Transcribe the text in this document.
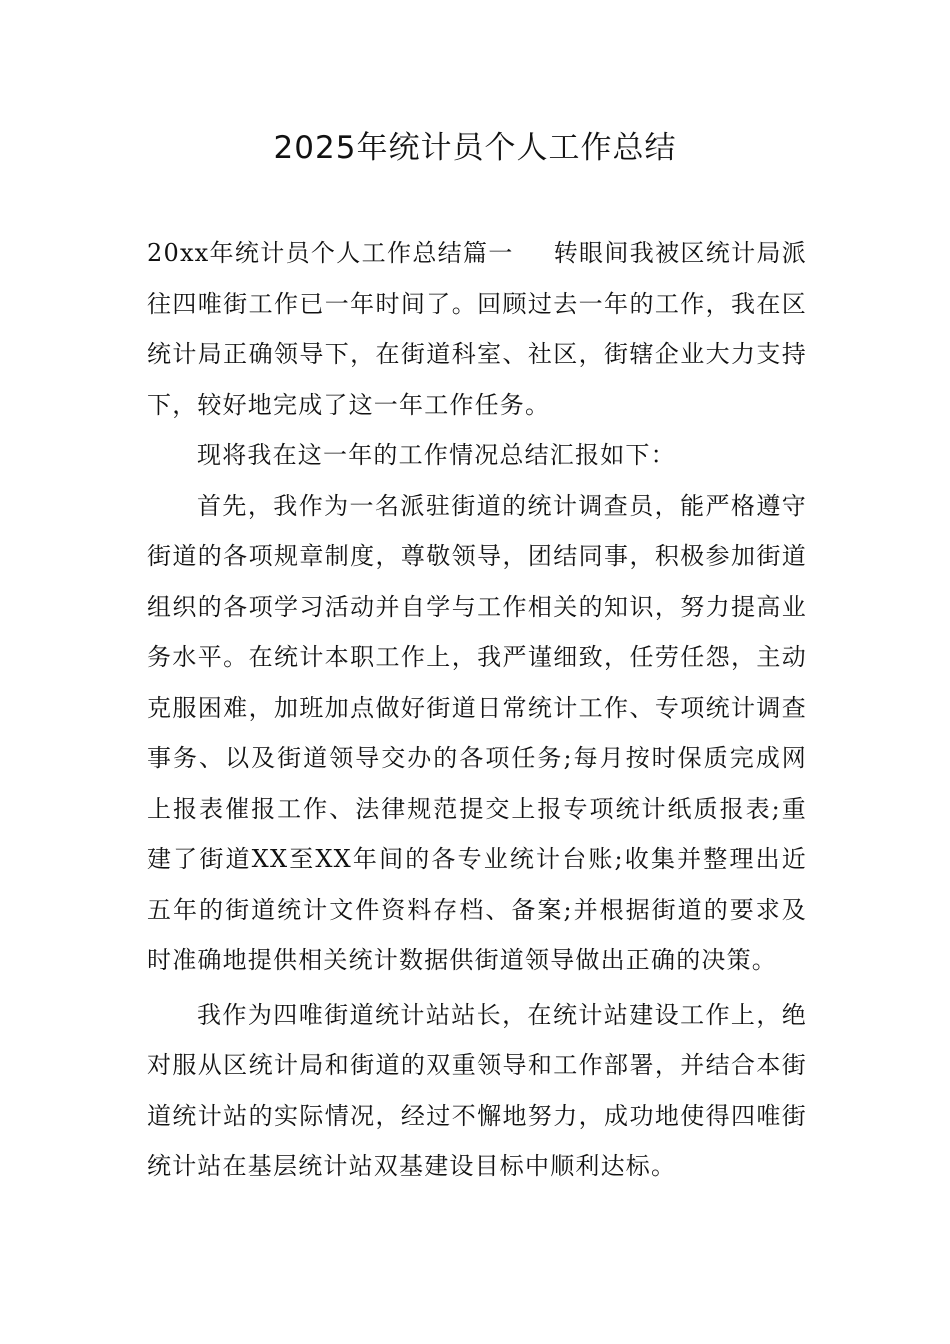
2025年统计员个人工作总结

20xx年统计员个人工作总结篇一 转眼间我被区统计局派往四唯街工作已一年时间了。回顾过去一年的工作，我在区统计局正确领导下，在街道科室、社区，街辖企业大力支持下，较好地完成了这一年工作任务。

现将我在这一年的工作情况总结汇报如下：

首先，我作为一名派驻街道的统计调查员，能严格遵守街道的各项规章制度，尊敬领导，团结同事，积极参加街道组织的各项学习活动并自学与工作相关的知识，努力提高业务水平。在统计本职工作上，我严谨细致，任劳任怨，主动克服困难，加班加点做好街道日常统计工作、专项统计调查事务、以及街道领导交办的各项任务;每月按时保质完成网上报表催报工作、法律规范提交上报专项统计纸质报表;重建了街道XX至XX年间的各专业统计台账;收集并整理出近五年的街道统计文件资料存档、备案;并根据街道的要求及时准确地提供相关统计数据供街道领导做出正确的决策。

我作为四唯街道统计站站长，在统计站建设工作上，绝对服从区统计局和街道的双重领导和工作部署，并结合本街道统计站的实际情况，经过不懈地努力，成功地使得四唯街统计站在基层统计站双基建设目标中顺利达标。
